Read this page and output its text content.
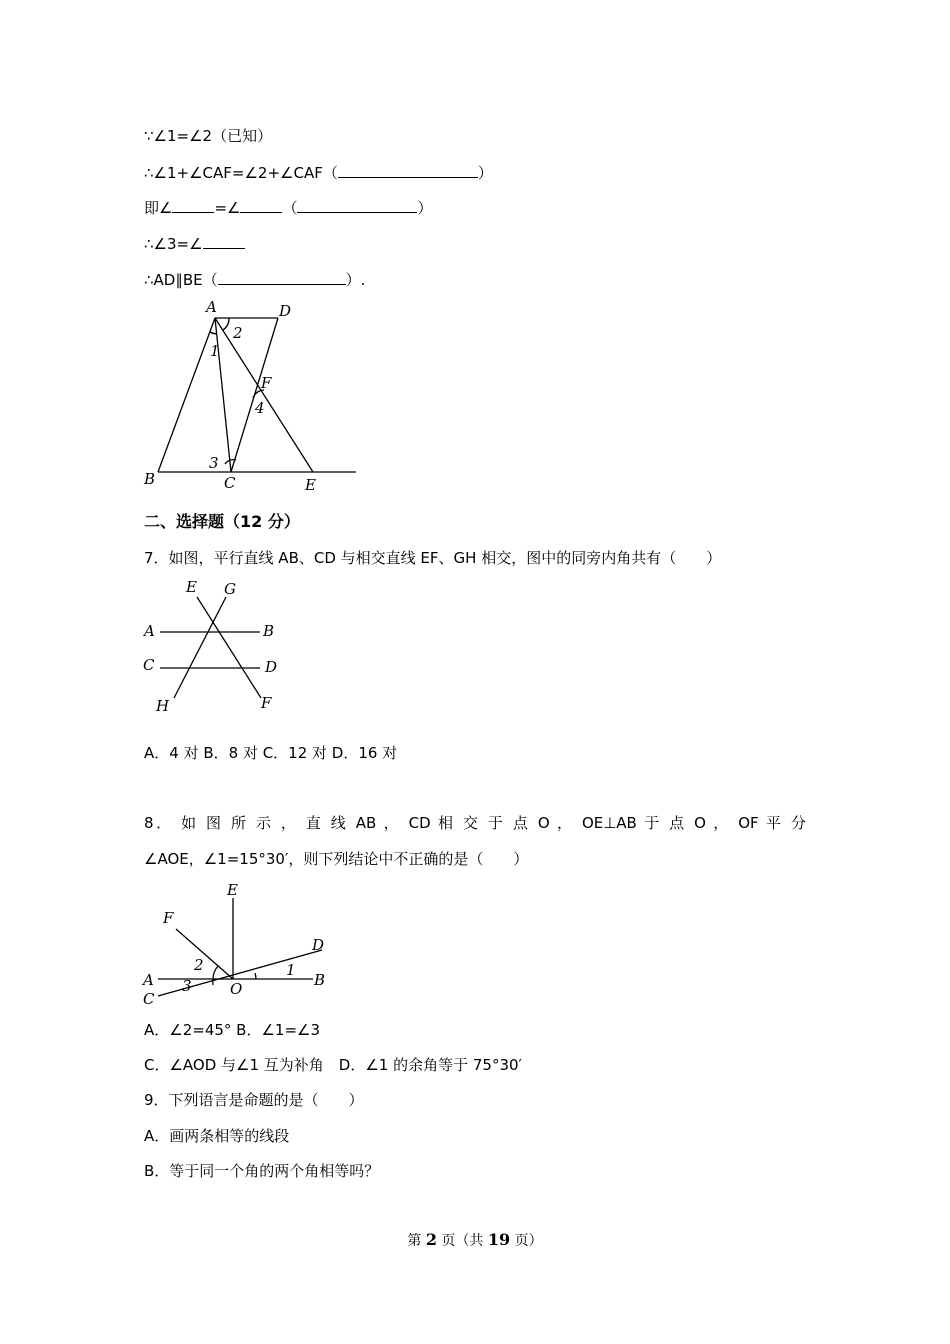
∵∠1=∠2（已知）
∴∠1+∠CAF=∠2+∠CAF（	）
即∠	=∠	（	）
∴∠3=∠
∴AD∥BE（	）.
A	D
2
1
F
4
3
B	C	E
二、选择题（12 分）
7．如图，平行直线 AB、CD 与相交直线 EF、GH 相交，图中的同旁内角共有（　　）
E G
A	B
C	D
H	F
A．4 对 B．8 对 C．12 对 D．16 对
8． 如 图 所 示 ， 直 线 AB ， CD 相 交 于 点 O ， OE⊥AB 于 点 O ， OF 平 分
∠AOE，∠1=15°30′，则下列结论中不正确的是（　　）
E
F
D
2	1
A	B
3	O
C
A．∠2=45° B．∠1=∠3
C．∠AOD 与∠1 互为补角　D．∠1 的余角等于 75°30′
9．下列语言是命题的是（　　）
A．画两条相等的线段
B．等于同一个角的两个角相等吗？
第 2 页（共 19 页）
